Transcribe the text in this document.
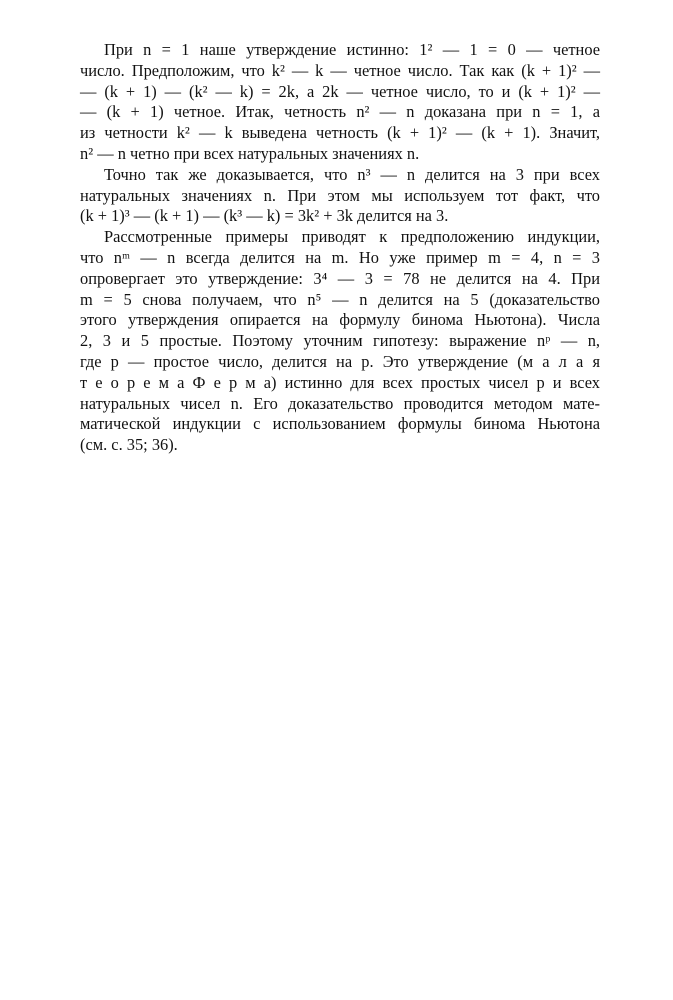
При n = 1 наше утверждение истинно: 1² — 1 = 0 — четное
число. Предположим, что k² — k — четное число. Так как (k + 1)² —
— (k + 1) — (k² — k) = 2k, а 2k — четное число, то и (k + 1)² —
— (k + 1) четное. Итак, четность n² — n доказана при n = 1, а
из четности k² — k выведена четность (k + 1)² — (k + 1). Значит,
n² — n четно при всех натуральных значениях n.
Точно так же доказывается, что n³ — n делится на 3 при всех
натуральных значениях n. При этом мы используем тот факт, что
(k + 1)³ — (k + 1) — (k³ — k) = 3k² + 3k делится на 3.
Рассмотренные примеры приводят к предположению индукции,
что nᵐ — n всегда делится на m. Но уже пример m = 4, n = 3
опровергает это утверждение: 3⁴ — 3 = 78 не делится на 4. При
m = 5 снова получаем, что n⁵ — n делится на 5 (доказательство
этого утверждения опирается на формулу бинома Ньютона). Числа
2, 3 и 5 простые. Поэтому уточним гипотезу: выражение nᵖ — n,
где p — простое число, делится на p. Это утверждение (м а л а я
т е о р е м а Ф е р м а) истинно для всех простых чисел p и всех
натуральных чисел n. Его доказательство проводится методом мате-
матической индукции с использованием формулы бинома Ньютона
(см. с. 35; 36).
